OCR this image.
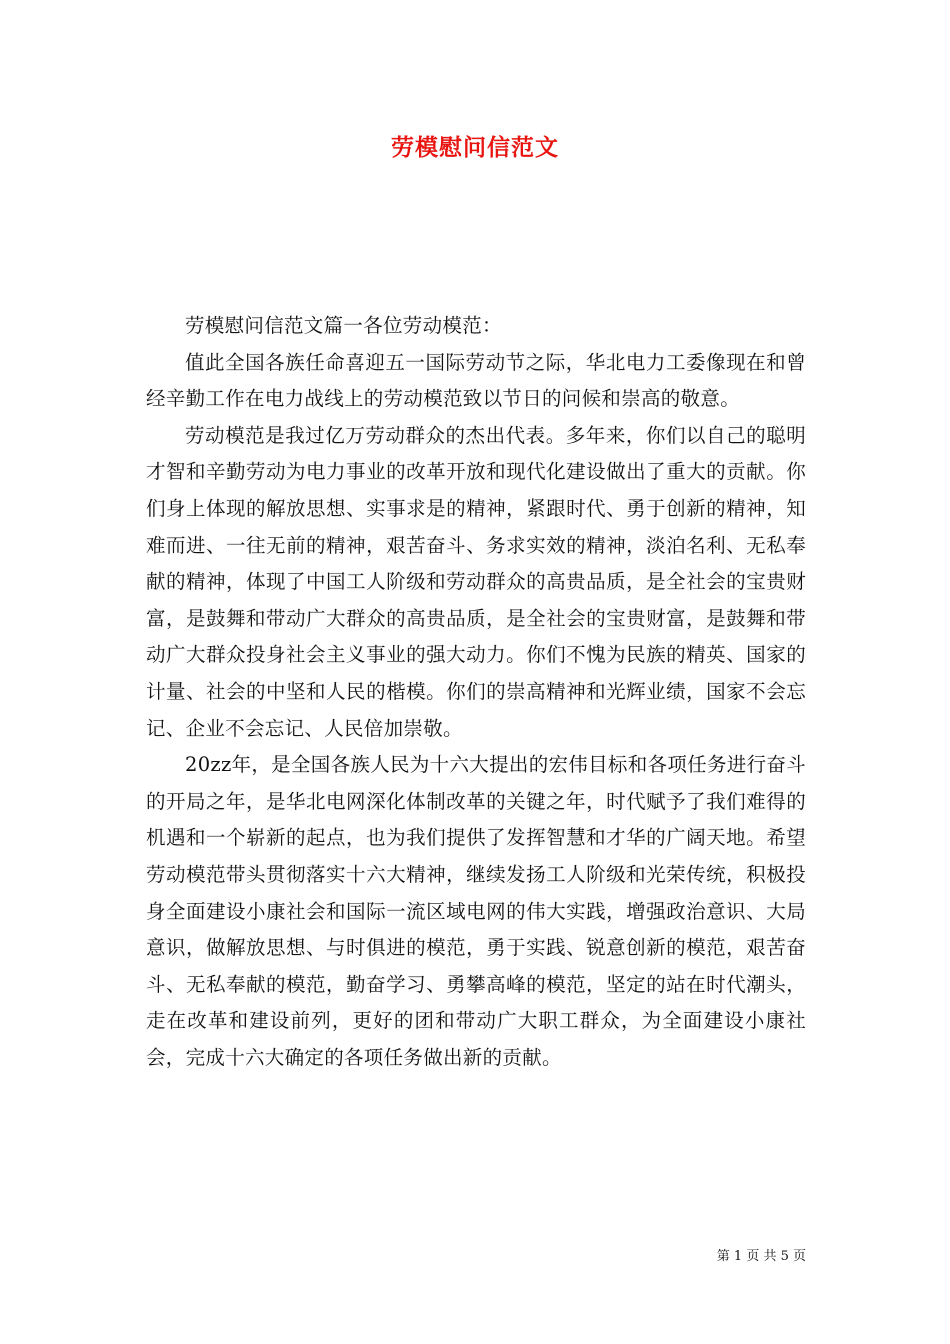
劳模慰问信范文

劳模慰问信范文篇一各位劳动模范：

值此全国各族任命喜迎五一国际劳动节之际，华北电力工委像现在和曾经辛勤工作在电力战线上的劳动模范致以节日的问候和崇高的敬意。

劳动模范是我过亿万劳动群众的杰出代表。多年来，你们以自己的聪明才智和辛勤劳动为电力事业的改革开放和现代化建设做出了重大的贡献。你们身上体现的解放思想、实事求是的精神，紧跟时代、勇于创新的精神，知难而进、一往无前的精神，艰苦奋斗、务求实效的精神，淡泊名利、无私奉献的精神，体现了中国工人阶级和劳动群众的高贵品质，是全社会的宝贵财富，是鼓舞和带动广大群众的高贵品质，是全社会的宝贵财富，是鼓舞和带动广大群众投身社会主义事业的强大动力。你们不愧为民族的精英、国家的计量、社会的中坚和人民的楷模。你们的崇高精神和光辉业绩，国家不会忘记、企业不会忘记、人民倍加崇敬。

20zz年，是全国各族人民为十六大提出的宏伟目标和各项任务进行奋斗的开局之年，是华北电网深化体制改革的关键之年，时代赋予了我们难得的机遇和一个崭新的起点，也为我们提供了发挥智慧和才华的广阔天地。希望劳动模范带头贯彻落实十六大精神，继续发扬工人阶级和光荣传统，积极投身全面建设小康社会和国际一流区域电网的伟大实践，增强政治意识、大局意识，做解放思想、与时俱进的模范，勇于实践、锐意创新的模范，艰苦奋斗、无私奉献的模范，勤奋学习、勇攀高峰的模范，坚定的站在时代潮头，走在改革和建设前列，更好的团和带动广大职工群众，为全面建设小康社会，完成十六大确定的各项任务做出新的贡献。

第 1 页 共 5 页
